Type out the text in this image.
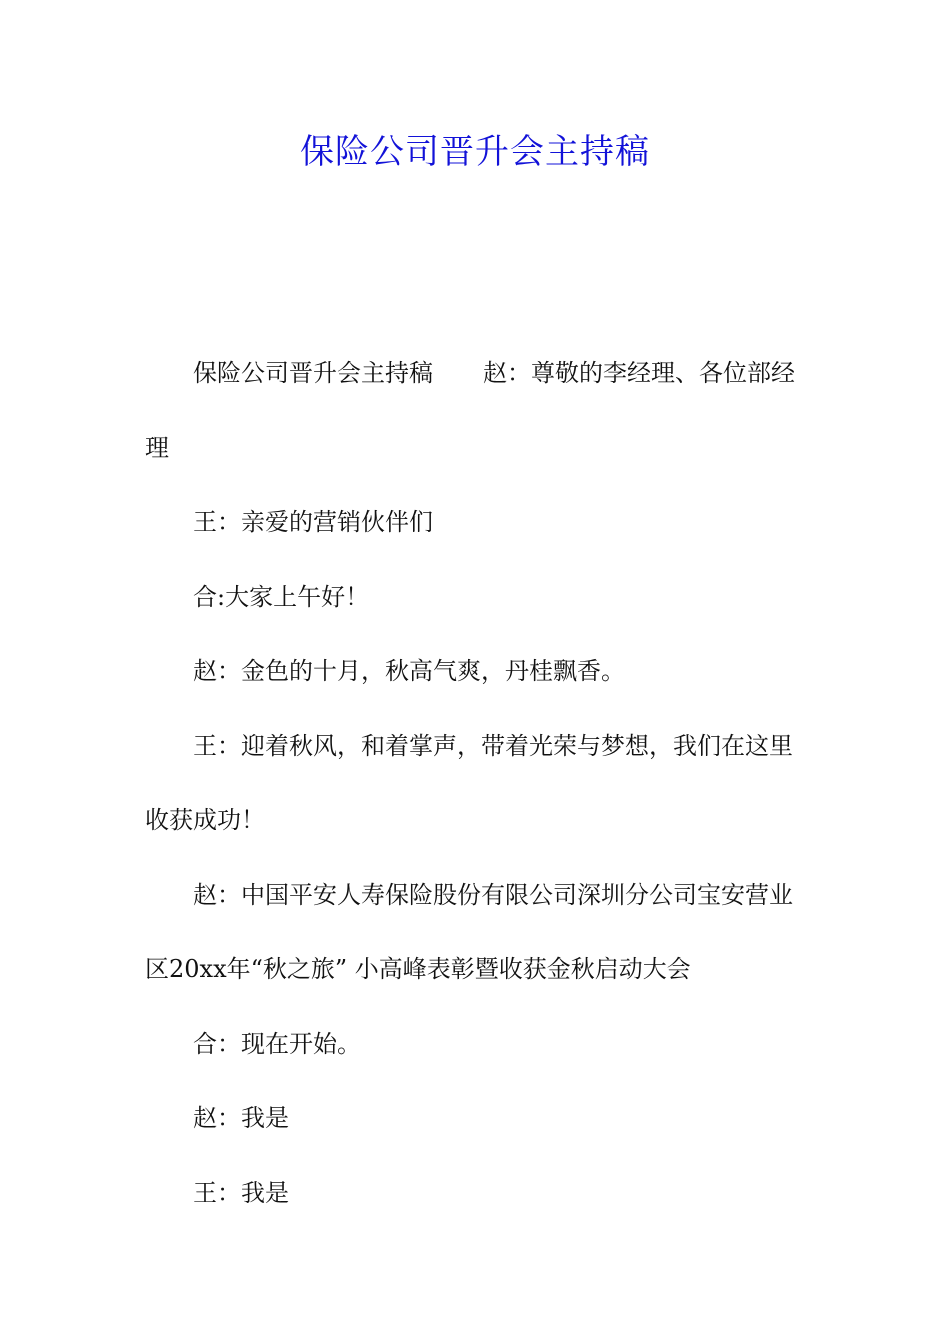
保险公司晋升会主持稿

保险公司晋升会主持稿 赵：尊敬的李经理、各位部经理

王：亲爱的营销伙伴们

合:大家上午好！

赵：金色的十月，秋高气爽，丹桂飘香。

王：迎着秋风，和着掌声，带着光荣与梦想，我们在这里收获成功！

赵：中国平安人寿保险股份有限公司深圳分公司宝安营业区20xx年“秋之旅” 小高峰表彰暨收获金秋启动大会

合：现在开始。

赵：我是

王：我是
